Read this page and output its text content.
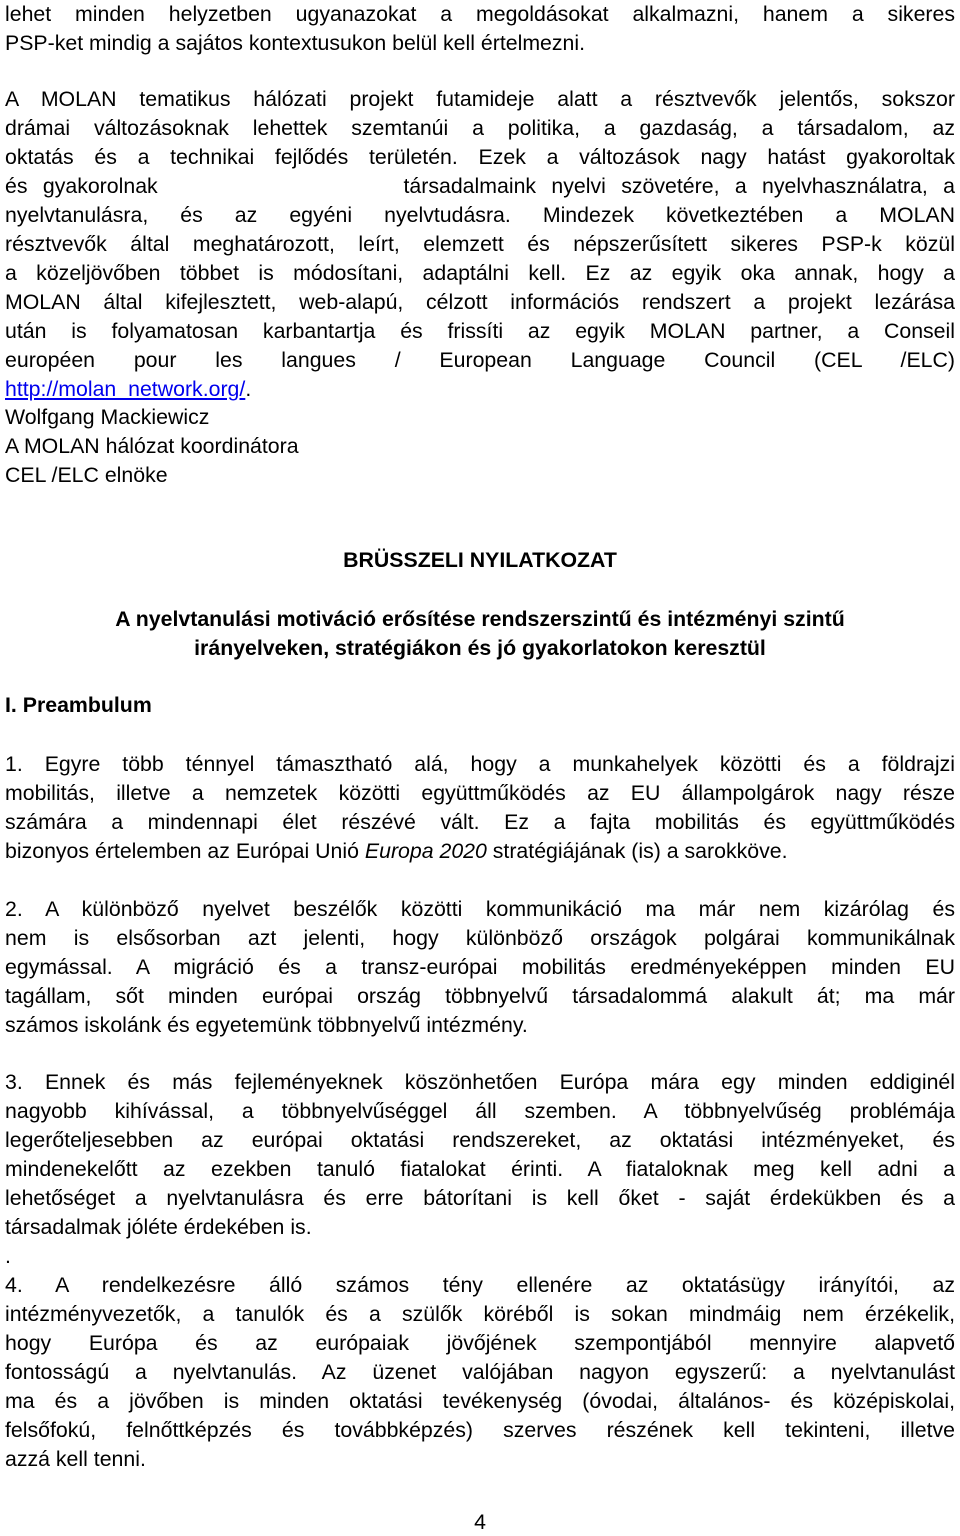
lehet minden helyzetben ugyanazokat a megoldásokat alkalmazni, hanem a sikeres
PSP-ket mindig a sajátos kontextusukon belül kell értelmezni.
A MOLAN tematikus hálózati projekt futamideje alatt a résztvevők jelentős, sokszor
drámai változásoknak lehettek szemtanúi a politika, a gazdaság, a társadalom, az
oktatás és a technikai fejlődés területén. Ezek a változások nagy hatást gyakoroltak
és gyakorolnak                társadalmaink nyelvi szövetére, a nyelvhasználatra, a
nyelvtanulásra, és az egyéni nyelvtudásra. Mindezek következtében a MOLAN
résztvevők által meghatározott, leírt, elemzett és népszerűsített sikeres PSP-k közül
a közeljövőben többet is módosítani, adaptálni kell. Ez az egyik oka annak, hogy a
MOLAN által kifejlesztett, web-alapú, célzott információs rendszert a projekt lezárása
után is folyamatosan karbantartja és frissíti az egyik MOLAN partner, a Conseil
européen pour les langues / European Language Council (CEL /ELC)
http://molan_network.org/.
Wolfgang Mackiewicz
A MOLAN hálózat koordinátora
CEL /ELC elnöke
BRÜSSZELI NYILATKOZAT
A nyelvtanulási motiváció erősítése rendszerszintű és intézményi szintű
irányelveken, stratégiákon és jó gyakorlatokon keresztül
I. Preambulum
1. Egyre több ténnyel támasztható alá, hogy a munkahelyek közötti és a földrajzi
mobilitás, illetve a nemzetek közötti együttműködés az EU állampolgárok nagy része
számára a mindennapi élet részévé vált. Ez a fajta mobilitás és együttműködés
bizonyos értelemben az Európai Unió Europa 2020 stratégiájának (is) a sarokköve.
2. A különböző nyelvet beszélők közötti kommunikáció ma már nem kizárólag és
nem is elsősorban azt jelenti, hogy különböző országok polgárai kommunikálnak
egymással. A migráció és a transz-európai mobilitás eredményeképpen minden EU
tagállam, sőt minden európai ország többnyelvű társadalommá alakult át; ma már
számos iskolánk és egyetemünk többnyelvű intézmény.
3. Ennek és más fejleményeknek köszönhetően Európa mára egy minden eddiginél
nagyobb kihívással, a többnyelvűséggel áll szemben. A többnyelvűség problémája
legerőteljesebben az európai oktatási rendszereket, az oktatási intézményeket, és
mindenekelőtt az ezekben tanuló fiatalokat érinti. A fiataloknak meg kell adni a
lehetőséget a nyelvtanulásra és erre bátorítani is kell őket - saját érdekükben és a
társadalmak jóléte érdekében is.
.
4. A rendelkezésre álló számos tény ellenére az oktatásügy irányítói, az
intézményvezetők, a tanulók és a szülők köréből is sokan mindmáig nem érzékelik,
hogy Európa és az európaiak jövőjének szempontjából mennyire alapvető
fontosságú a nyelvtanulás. Az üzenet valójában nagyon egyszerű: a nyelvtanulást
ma és a jövőben is minden oktatási tevékenység (óvodai, általános- és középiskolai,
felsőfokú, felnőttképzés és továbbképzés) szerves részének kell tekinteni, illetve
azzá kell tenni.
4
